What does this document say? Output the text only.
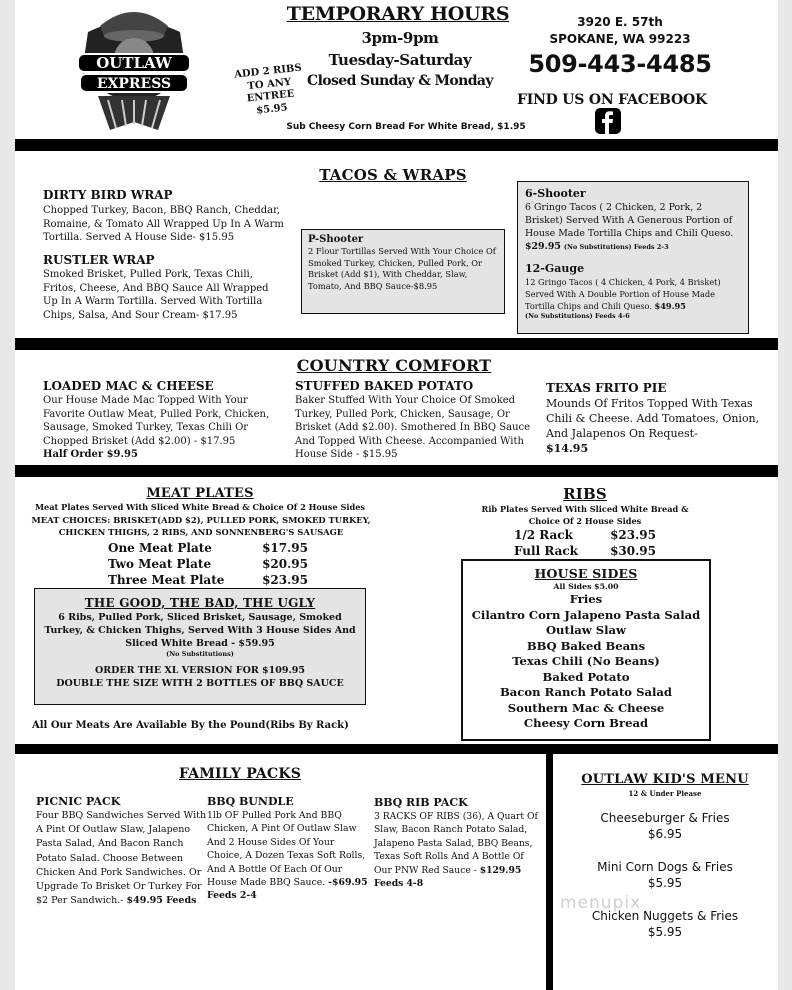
OUTLAW
EXPRESS
TEMPORARY HOURS
3pm-9pm
Tuesday-Saturday
Closed Sunday & Monday
ADD 2 RIBS
TO ANY
ENTREE
$5.95
Sub Cheesy Corn Bread For White Bread, $1.95
3920 E. 57th
SPOKANE, WA 99223
509-443-4485
FIND US ON FACEBOOK
TACOS & WRAPS
DIRTY BIRD WRAP
Chopped Turkey, Bacon, BBQ Ranch, Cheddar, Romaine, & Tomato All Wrapped Up In A Warm Tortilla. Served A House Side- $15.95
RUSTLER WRAP
Smoked Brisket, Pulled Pork, Texas Chili, Fritos, Cheese, And BBQ Sauce All Wrapped Up In A Warm Tortilla. Served With Tortilla Chips, Salsa, And Sour Cream- $17.95
P-Shooter
2 Flour Tortillas Served With Your Choice Of Smoked Turkey, Chicken, Pulled Pork, Or Brisket (Add $1), With Cheddar, Slaw, Tomato, And BBQ Sauce-$8.95
6-Shooter
6 Gringo Tacos ( 2 Chicken, 2 Pork, 2 Brisket) Served With A Generous Portion of House Made Tortilla Chips and Chili Queso. $29.95 (No Substitutions) Feeds 2-3
12-Gauge
12 Gringo Tacos ( 4 Chicken, 4 Pork, 4 Brisket) Served With A Double Portion of House Made Tortilla Chips and Chili Queso. $49.95
(No Substitutions) Feeds 4-6
COUNTRY COMFORT
LOADED MAC & CHEESE
Our House Made Mac Topped With Your Favorite Outlaw Meat, Pulled Pork, Chicken, Sausage, Smoked Turkey, Texas Chili Or Chopped Brisket (Add $2.00) - $17.95
Half Order $9.95
STUFFED BAKED POTATO
Baker Stuffed With Your Choice Of Smoked Turkey, Pulled Pork, Chicken, Sausage, Or Brisket (Add $2.00). Smothered In BBQ Sauce And Topped With Cheese. Accompanied With House Side - $15.95
TEXAS FRITO PIE
Mounds Of Fritos Topped With Texas Chili & Cheese. Add Tomatoes, Onion, And Jalapenos On Request-
$14.95
MEAT PLATES
Meat Plates Served With Sliced White Bread & Choice Of 2 House Sides
MEAT CHOICES: BRISKET(ADD $2), PULLED PORK, SMOKED TURKEY, CHICKEN THIGHS, 2 RIBS, AND SONNENBERG'S SAUSAGE
One Meat Plate	$17.95
Two Meat Plate	$20.95
Three Meat Plate	$23.95
THE GOOD, THE BAD, THE UGLY
6 Ribs, Pulled Pork, Sliced Brisket, Sausage, Smoked Turkey, & Chicken Thighs, Served With 3 House Sides And Sliced White Bread - $59.95
(No Substitutions)
ORDER THE XL VERSION FOR $109.95
DOUBLE THE SIZE WITH 2 BOTTLES OF BBQ SAUCE
All Our Meats Are Available By the Pound(Ribs By Rack)
RIBS
Rib Plates Served With Sliced White Bread & Choice Of 2 House Sides
1/2 Rack	$23.95
Full Rack	$30.95
HOUSE SIDES
All Sides $5.00
Fries
Cilantro Corn Jalapeno Pasta Salad
Outlaw Slaw
BBQ Baked Beans
Texas Chili (No Beans)
Baked Potato
Bacon Ranch Potato Salad
Southern Mac & Cheese
Cheesy Corn Bread
FAMILY PACKS
PICNIC PACK
Four BBQ Sandwiches Served With A Pint Of Outlaw Slaw, Jalapeno Pasta Salad, And Bacon Ranch Potato Salad. Choose Between Chicken And Pork Sandwiches. Or Upgrade To Brisket Or Turkey For $2 Per Sandwich.- $49.95 Feeds
BBQ BUNDLE
1lb OF Pulled Pork And BBQ Chicken, A Pint Of Outlaw Slaw And 2 House Sides Of Your Choice, A Dozen Texas Soft Rolls, And A Bottle Of Each Of Our House Made BBQ Sauce. -$69.95 Feeds 2-4
BBQ RIB PACK
3 RACKS OF RIBS (36), A Quart Of Slaw, Bacon Ranch Potato Salad, Jalapeno Pasta Salad, BBQ Beans, Texas Soft Rolls And A Bottle Of Our PNW Red Sauce - $129.95 Feeds 4-8
OUTLAW KID'S MENU
12 & Under Please
Cheeseburger & Fries
$6.95
Mini Corn Dogs & Fries
$5.95
Chicken Nuggets & Fries
$5.95
menupix
